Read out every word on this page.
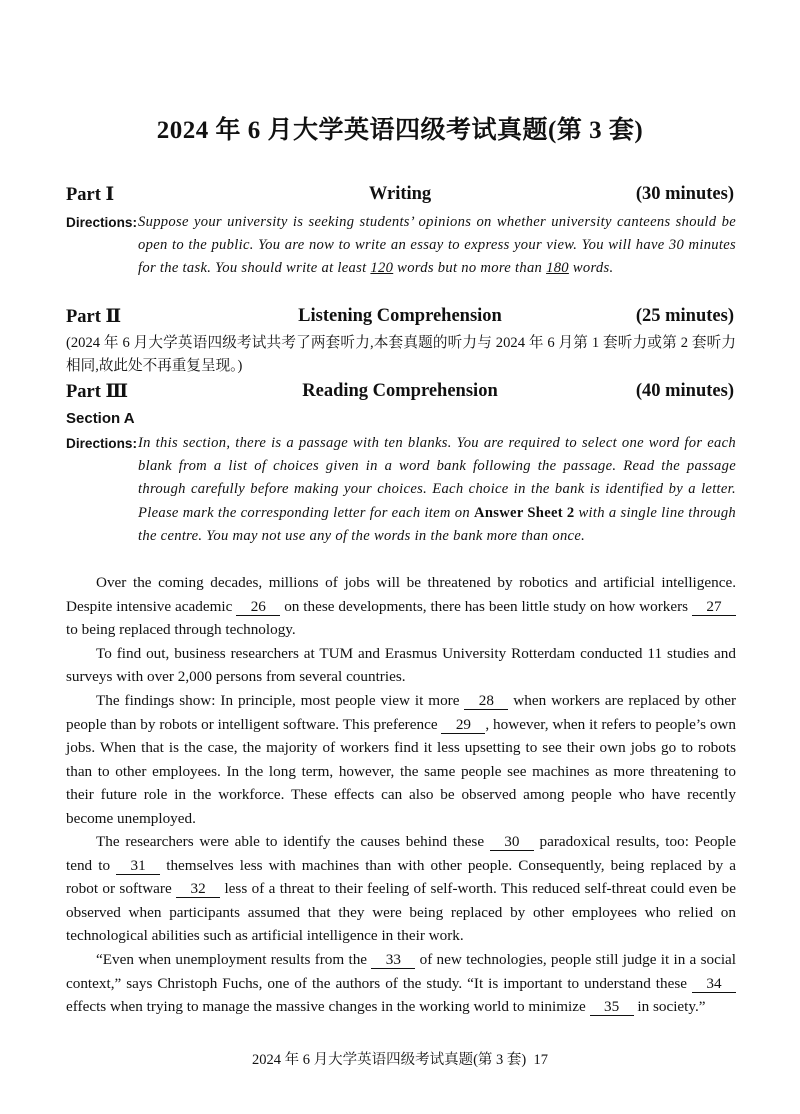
2024 年 6 月大学英语四级考试真题(第 3 套)
Writing
Part Ⅰ	(30 minutes)
Directions: Suppose your university is seeking students’ opinions on whether university canteens should be open to the public. You are now to write an essay to express your view. You will have 30 minutes for the task. You should write at least 120 words but no more than 180 words.
Listening Comprehension
Part Ⅱ	(25 minutes)
(2024 年 6 月大学英语四级考试共考了两套听力,本套真题的听力与 2024 年 6 月第 1 套听力或第 2 套听力相同,故此处不再重复呈现。)
Reading Comprehension
Part Ⅲ	(40 minutes)
Section A
Directions: In this section, there is a passage with ten blanks. You are required to select one word for each blank from a list of choices given in a word bank following the passage. Read the passage through carefully before making your choices. Each choice in the bank is identified by a letter. Please mark the corresponding letter for each item on Answer Sheet 2 with a single line through the centre. You may not use any of the words in the bank more than once.

Over the coming decades, millions of jobs will be threatened by robotics and artificial intelligence. Despite intensive academic 26 on these developments, there has been little study on how workers 27 to being replaced through technology.

To find out, business researchers at TUM and Erasmus University Rotterdam conducted 11 studies and surveys with over 2,000 persons from several countries.

The findings show: In principle, most people view it more 28 when workers are replaced by other people than by robots or intelligent software. This preference 29 , however, when it refers to people’s own jobs. When that is the case, the majority of workers find it less upsetting to see their own jobs go to robots than to other employees. In the long term, however, the same people see machines as more threatening to their future role in the workforce. These effects can also be observed among people who have recently become unemployed.

The researchers were able to identify the causes behind these 30 paradoxical results, too: People tend to 31 themselves less with machines than with other people. Consequently, being replaced by a robot or software 32 less of a threat to their feeling of self-worth. This reduced self-threat could even be observed when participants assumed that they were being replaced by other employees who relied on technological abilities such as artificial intelligence in their work.

“Even when unemployment results from the 33 of new technologies, people still judge it in a social context,” says Christoph Fuchs, one of the authors of the study. “It is important to understand these 34 effects when trying to manage the massive changes in the working world to minimize 35 in society.”

2024 年 6 月大学英语四级考试真题(第 3 套) 17
